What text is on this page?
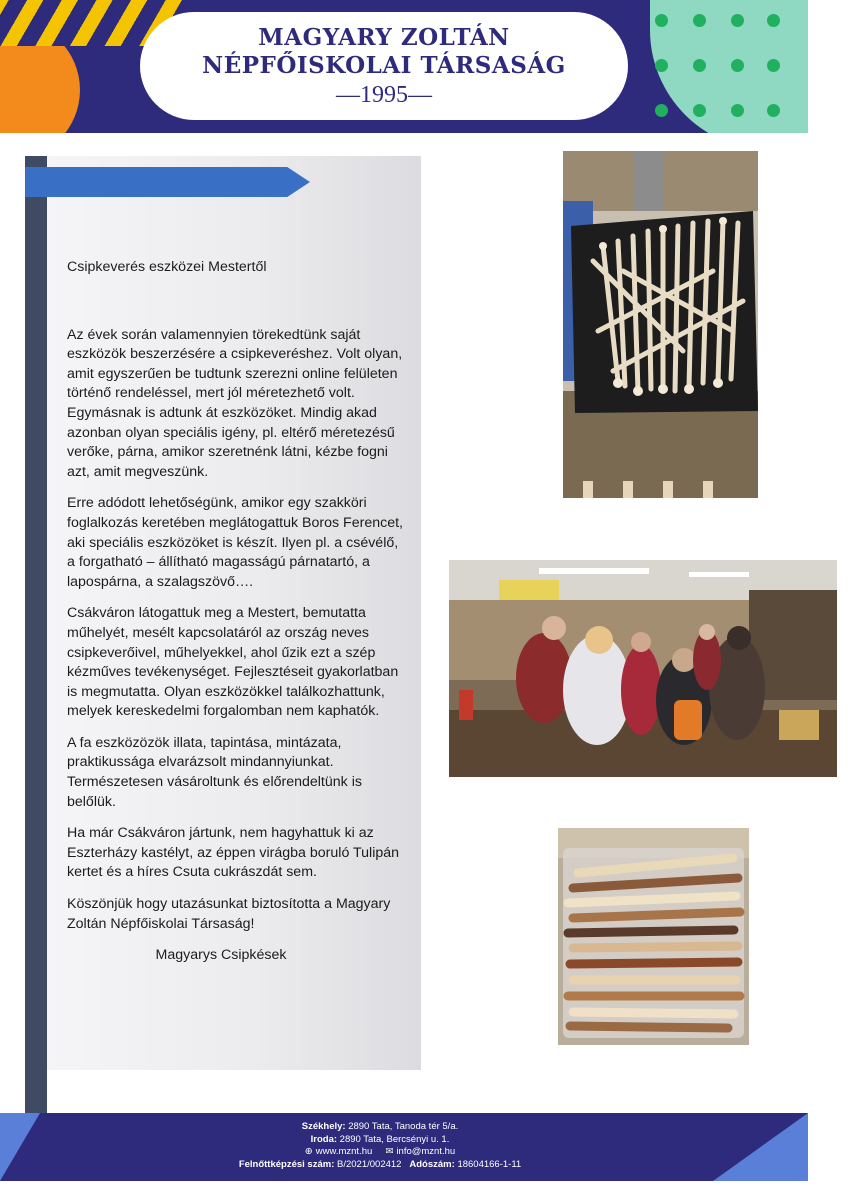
MAGYARY ZOLTÁN
NÉPFŐISKOLAI TÁRSASÁG
—1995—

Csipkeverés eszközei Mestertől

Az évek során valamennyien törekedtünk saját eszközök beszerzésére a csipkeveréshez. Volt olyan, amit egyszerűen be tudtunk szerezni online felületen történő rendeléssel, mert jól méretezhető volt. Egymásnak is adtunk át eszközöket. Mindig akad azonban olyan speciális igény, pl. eltérő méretezésű verőke, párna, amikor szeretnénk látni, kézbe fogni azt, amit megveszünk.

Erre adódott lehetőségünk, amikor egy szakköri foglalkozás keretében meglátogattuk Boros Ferencet, aki speciális eszközöket is készít. Ilyen pl. a csévélő, a forgatható – állítható magasságú párnatartó, a lapospárna, a szalagszövő….

Csákváron látogattuk meg a Mestert, bemutatta műhelyét, mesélt kapcsolatáról az ország neves csipkeverőivel, műhelyekkel, ahol űzik ezt a szép kézműves tevékenységet. Fejlesztéseit gyakorlatban is megmutatta. Olyan eszközökkel találkozhattunk, melyek kereskedelmi forgalomban nem kaphatók.

A fa eszközözök illata, tapintása, mintázata, praktikussága elvarázsolt mindannyiunkat. Természetesen vásároltunk és előrendeltünk is belőlük.

Ha már Csákváron jártunk, nem hagyhattuk ki az Eszterházy kastélyt, az éppen virágba boruló Tulipán kertet és a híres Csuta cukrászdát sem.

Köszönjük hogy utazásunkat biztosította a Magyary Zoltán Népfőiskolai Társaság!

Magyarys Csipkések

Székhely: 2890 Tata, Tanoda tér 5/a.
Iroda: 2890 Tata, Bercsényi u. 1.
⊕ www.mznt.hu ✉ info@mznt.hu
Felnőttképzési szám: B/2021/002412 Adószám: 18604166-1-11
